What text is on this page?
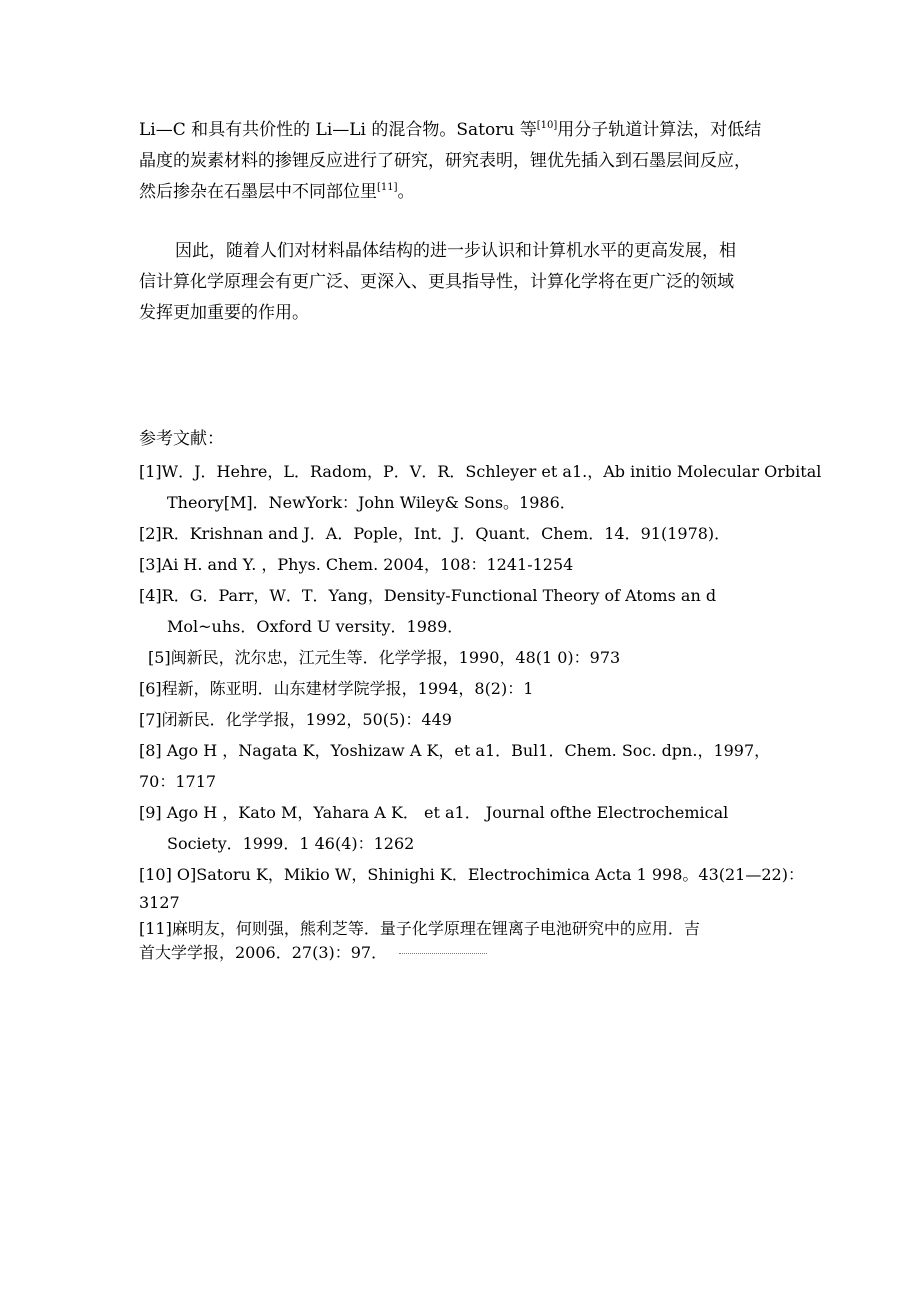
Li—C 和具有共价性的 Li—Li 的混合物。Satoru 等[10]用分子轨道计算法，对低结
晶度的炭素材料的掺锂反应进行了研究，研究表明，锂优先插入到石墨层间反应，
然后掺杂在石墨层中不同部位里[11]。

因此，随着人们对材料晶体结构的进一步认识和计算机水平的更高发展，相
信计算化学原理会有更广泛、更深入、更具指导性，计算化学将在更广泛的领域
发挥更加重要的作用。

参考文献：

[1]W．J．Hehre，L．Radom，P．V．R．Schleyer et a1.，Ab initio Molecular Orbital
Theory[M]．NewYork：John Wiley& Sons。1986．
[2]R．Krishnan and J．A．Pople，Int．J．Quant．Chem．14．91(1978)．
[3]Ai H. and Y. ，Phys. Chem. 2004，108：1241-1254
[4]R．G．Parr，W．T．Yang，Density-Functional Theory of Atoms an d
Mol~uhs．Oxford U versity．1989．
[5]闽新民，沈尔忠，江元生等．化学学报，1990，48(1 0)：973
[6]程新，陈亚明．山东建材学院学报，1994，8(2)：1
[7]闭新民．化学学报，1992，50(5)：449
[8] Ago H ，Nagata K，Yoshizaw A K，et a1．Bul1．Chem. Soc. dpn.，1997，
70：1717
[9] Ago H ，Kato M，Yahara A K． et a1． Journal ofthe Electrochemical
Society．1999．1 46(4)：1262
[10] O]Satoru K，Mikio W，Shinighi K．Electrochimica Acta 1 998。43(21—22)：
3127
[11]麻明友，何则强，熊利芝等．量子化学原理在锂离子电池研究中的应用．吉
首大学学报，2006．27(3)：97．
